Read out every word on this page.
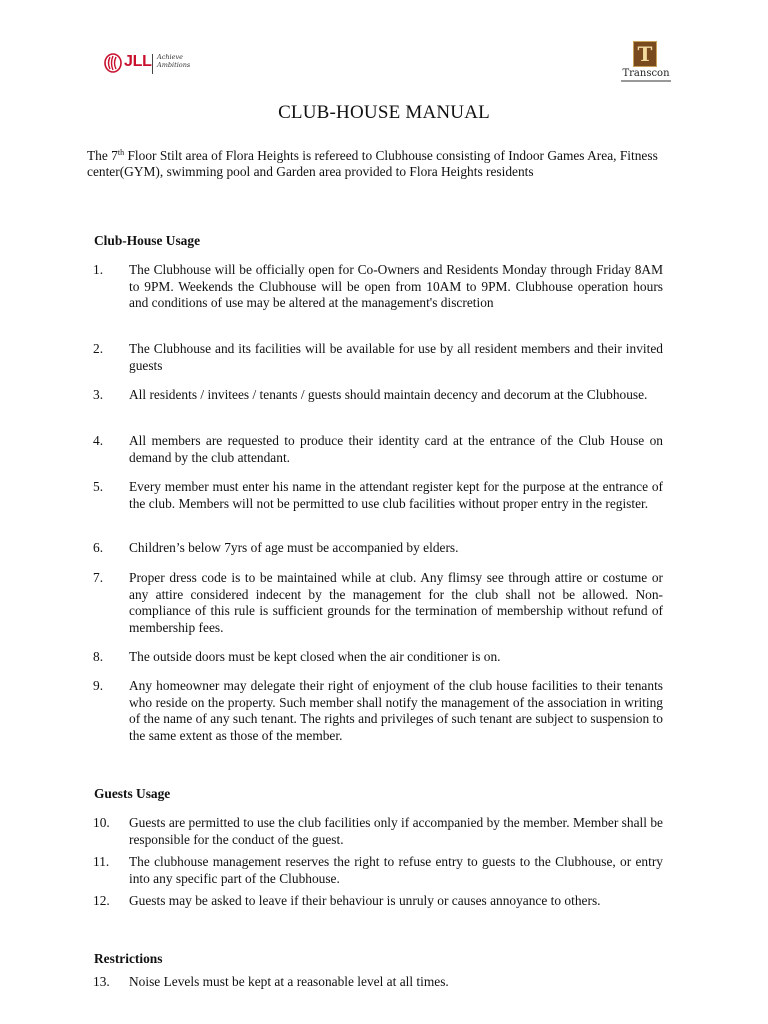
JLL Achieve
Ambitions	T
Transcon
CLUB-HOUSE MANUAL
The 7th Floor Stilt area of Flora Heights is refereed to Clubhouse consisting of Indoor Games Area, Fitness center(GYM), swimming pool and Garden area provided to Flora Heights residents
Club-House Usage
1.	The Clubhouse will be officially open for Co-Owners and Residents Monday through Friday 8AM to 9PM. Weekends the Clubhouse will be open from 10AM to 9PM. Clubhouse operation hours and conditions of use may be altered at the management's discretion
2.	The Clubhouse and its facilities will be available for use by all resident members and their invited guests
3.	All residents / invitees / tenants / guests should maintain decency and decorum at the Clubhouse.
4.	All members are requested to produce their identity card at the entrance of the Club House on demand by the club attendant.
5.	Every member must enter his name in the attendant register kept for the purpose at the entrance of the club. Members will not be permitted to use club facilities without proper entry in the register.
6.	Children’s below 7yrs of age must be accompanied by elders.
7.	Proper dress code is to be maintained while at club. Any flimsy see through attire or costume or any attire considered indecent by the management for the club shall not be allowed. Non-compliance of this rule is sufficient grounds for the termination of membership without refund of membership fees.
8.	The outside doors must be kept closed when the air conditioner is on.
9.	Any homeowner may delegate their right of enjoyment of the club house facilities to their tenants who reside on the property. Such member shall notify the management of the association in writing of the name of any such tenant. The rights and privileges of such tenant are subject to suspension to the same extent as those of the member.
Guests Usage
10.	Guests are permitted to use the club facilities only if accompanied by the member. Member shall be responsible for the conduct of the guest.
11.	The clubhouse management reserves the right to refuse entry to guests to the Clubhouse, or entry into any specific part of the Clubhouse.
12.	Guests may be asked to leave if their behaviour is unruly or causes annoyance to others.
Restrictions
13.	Noise Levels must be kept at a reasonable level at all times.
